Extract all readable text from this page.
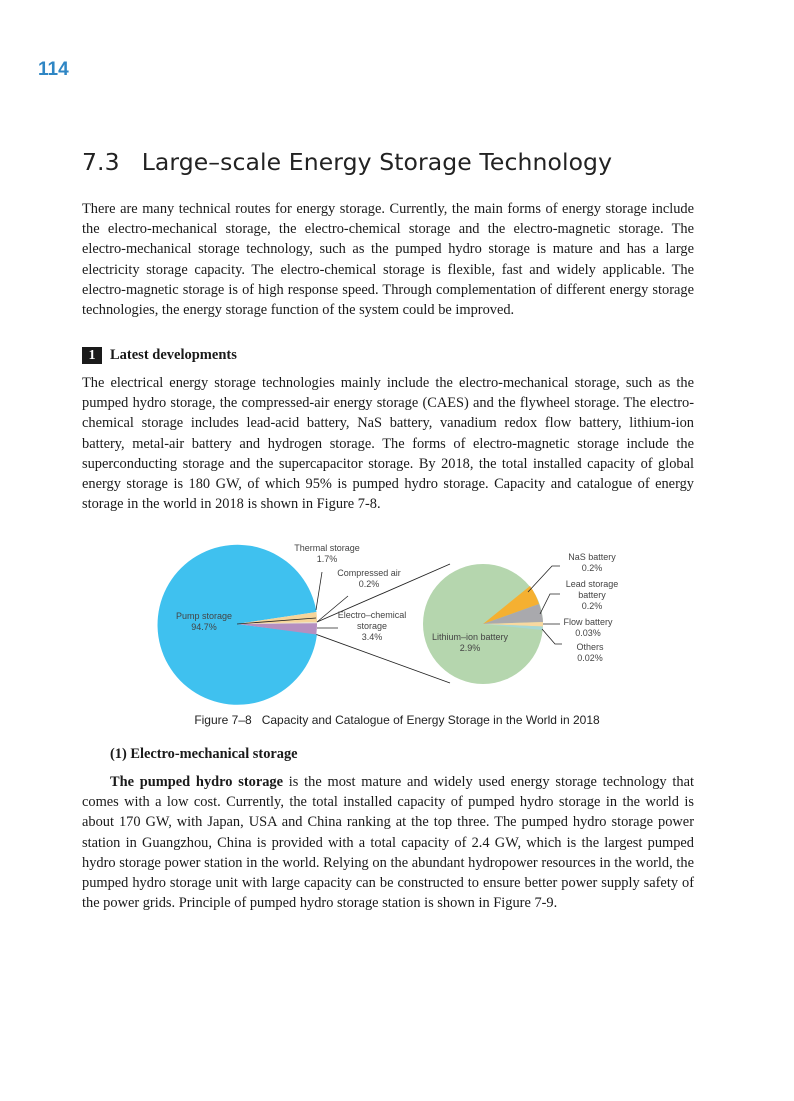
114
7.3 Large–scale Energy Storage Technology

There are many technical routes for energy storage. Currently, the main forms of energy storage include the electro-mechanical storage, the electro-chemical storage and the electro-magnetic storage. The electro-mechanical storage technology, such as the pumped hydro storage is mature and has a large electricity storage capacity. The electro-chemical storage is flexible, fast and widely applicable. The electro-magnetic storage is of high response speed. Through complementation of different energy storage technologies, the energy storage function of the system could be improved.

1	Latest developments

The electrical energy storage technologies mainly include the electro-mechanical storage, such as the pumped hydro storage, the compressed-air energy storage (CAES) and the flywheel storage. The electro-chemical storage includes lead-acid battery, NaS battery, vanadium redox flow battery, lithium-ion battery, metal-air battery and hydrogen storage. The forms of electro-magnetic storage include the superconducting storage and the supercapacitor storage. By 2018, the total installed capacity of global energy storage is 180 GW, of which 95% is pumped hydro storage. Capacity and catalogue of energy storage in the world in 2018 is shown in Figure 7-8.

Pump storage
94.7%
Thermal storage
1.7%
Compressed air
0.2%
Electro–chemical
storage
3.4%	Lithium–ion battery
2.9%
NaS battery
0.2%
Lead storage
battery
0.2%
Flow battery
0.03%
Others
0.02%
Figure 7–8 Capacity and Catalogue of Energy Storage in the World in 2018
(1) Electro-mechanical storage

The pumped hydro storage is the most mature and widely used energy storage technology that comes with a low cost. Currently, the total installed capacity of pumped hydro storage in the world is about 170 GW, with Japan, USA and China ranking at the top three. The pumped hydro storage power station in Guangzhou, China is provided with a total capacity of 2.4 GW, which is the largest pumped hydro storage power station in the world. Relying on the abundant hydropower resources in the world, the pumped hydro storage unit with large capacity can be constructed to ensure better power supply safety of the power grids. Principle of pumped hydro storage station is shown in Figure 7-9.
